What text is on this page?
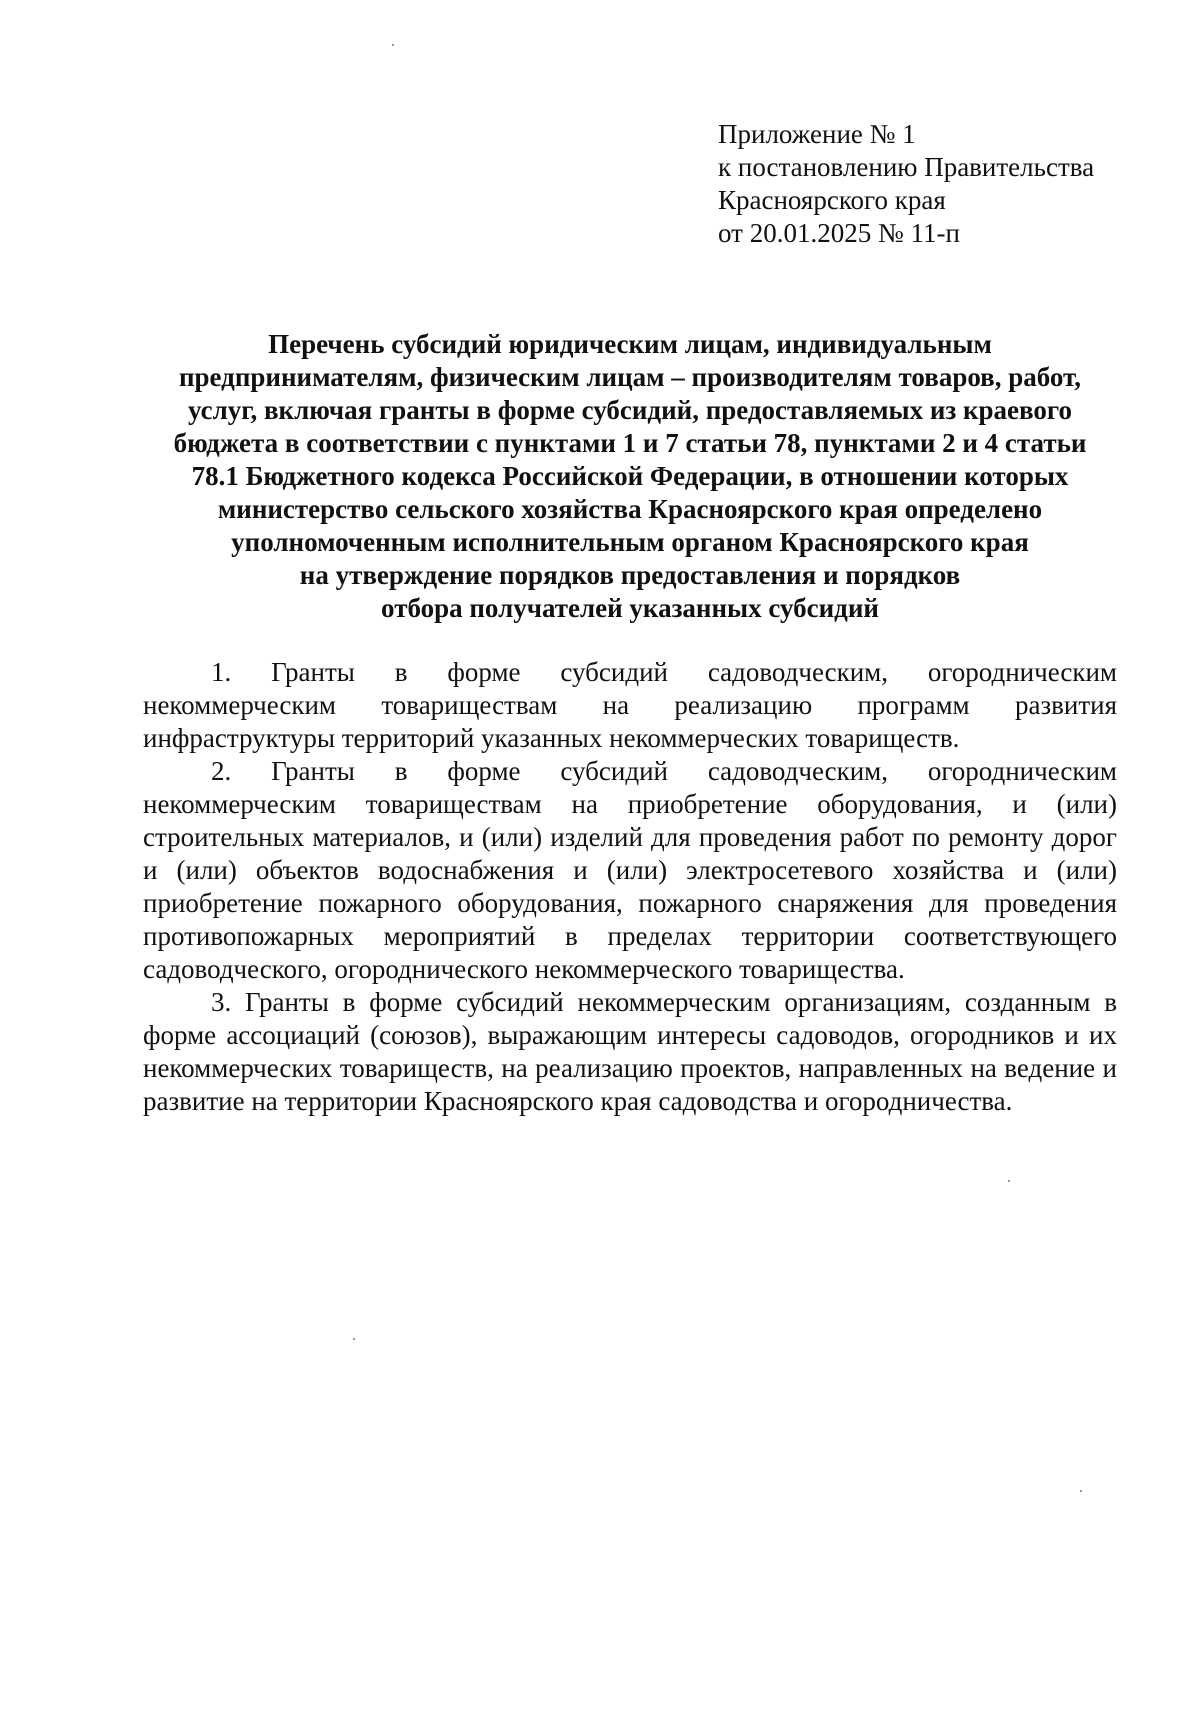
Приложение № 1
к постановлению Правительства
Красноярского края
от 20.01.2025 № 11-п
Перечень субсидий юридическим лицам, индивидуальным
предпринимателям, физическим лицам – производителям товаров, работ,
услуг, включая гранты в форме субсидий, предоставляемых из краевого
бюджета в соответствии с пунктами 1 и 7 статьи 78, пунктами 2 и 4 статьи
78.1 Бюджетного кодекса Российской Федерации, в отношении которых
министерство сельского хозяйства Красноярского края определено
уполномоченным исполнительным органом Красноярского края
на утверждение порядков предоставления и порядков
отбора получателей указанных субсидий

1. Гранты в форме субсидий садоводческим, огородническим некоммерческим товариществам на реализацию программ развития инфраструктуры территорий указанных некоммерческих товариществ.

2. Гранты в форме субсидий садоводческим, огородническим некоммерческим товариществам на приобретение оборудования, и (или) строительных материалов, и (или) изделий для проведения работ по ремонту дорог и (или) объектов водоснабжения и (или) электросетевого хозяйства и (или) приобретение пожарного оборудования, пожарного снаряжения для проведения противопожарных мероприятий в пределах территории соответствующего садоводческого, огороднического некоммерческого товарищества.

3. Гранты в форме субсидий некоммерческим организациям, созданным в форме ассоциаций (союзов), выражающим интересы садоводов, огородников и их некоммерческих товариществ, на реализацию проектов, направленных на ведение и развитие на территории Красноярского края садоводства и огородничества.
